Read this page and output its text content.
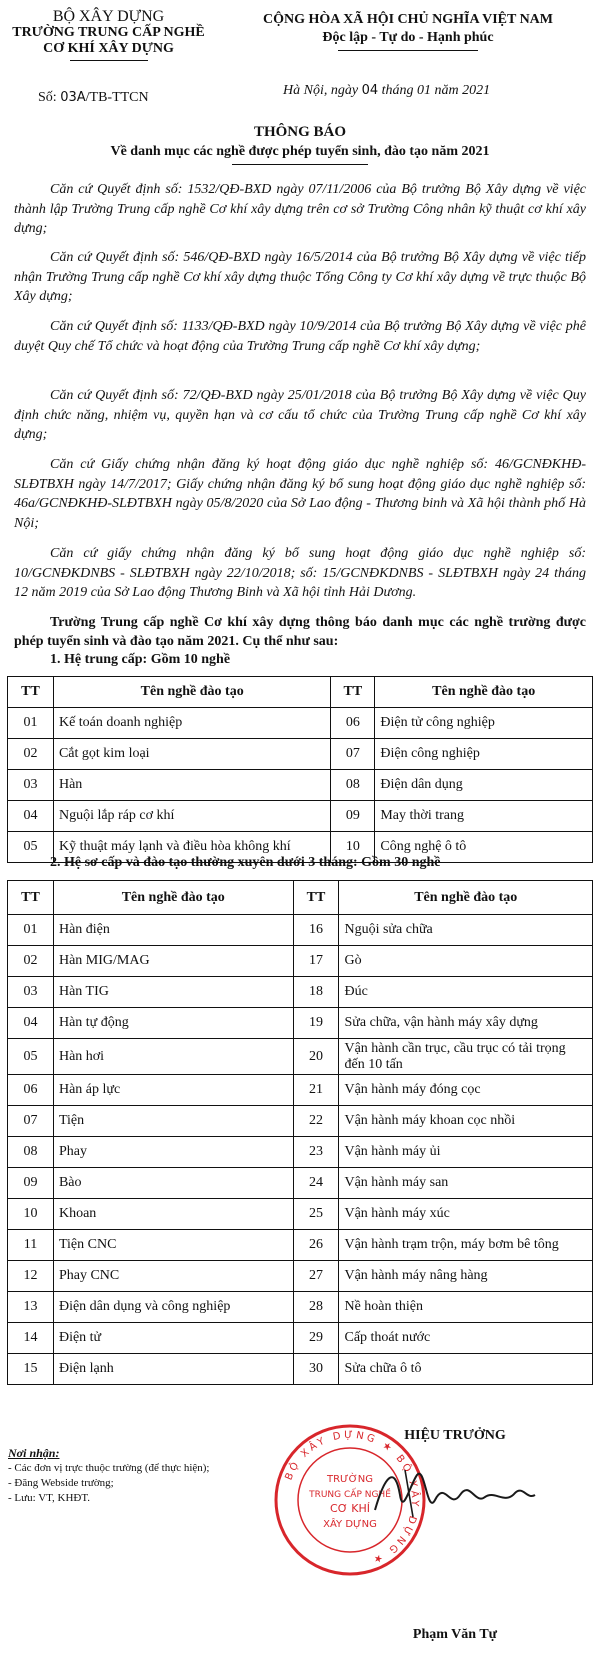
BỘ XÂY DỰNG
TRƯỜNG TRUNG CẤP NGHỀ
CƠ KHÍ XÂY DỰNG
CỘNG HÒA XÃ HỘI CHỦ NGHĨA VIỆT NAM
Độc lập - Tự do - Hạnh phúc
Số: 03A/TB-TTCN	Hà Nội, ngày 04 tháng 01 năm 2021
THÔNG BÁO
Về danh mục các nghề được phép tuyển sinh, đào tạo năm 2021
Căn cứ Quyết định số: 1532/QĐ-BXD ngày 07/11/2006 của Bộ trưởng Bộ Xây dựng về việc thành lập Trường Trung cấp nghề Cơ khí xây dựng trên cơ sở Trường Công nhân kỹ thuật cơ khí xây dựng;
Căn cứ Quyết định số: 546/QĐ-BXD ngày 16/5/2014 của Bộ trưởng Bộ Xây dựng về việc tiếp nhận Trường Trung cấp nghề Cơ khí xây dựng thuộc Tổng Công ty Cơ khí xây dựng về trực thuộc Bộ Xây dựng;
Căn cứ Quyết định số: 1133/QĐ-BXD ngày 10/9/2014 của Bộ trưởng Bộ Xây dựng về việc phê duyệt Quy chế Tổ chức và hoạt động của Trường Trung cấp nghề Cơ khí xây dựng;
Căn cứ Quyết định số: 72/QĐ-BXD ngày 25/01/2018 của Bộ trưởng Bộ Xây dựng về việc Quy định chức năng, nhiệm vụ, quyền hạn và cơ cấu tổ chức của Trường Trung cấp nghề Cơ khí xây dựng;
Căn cứ Giấy chứng nhận đăng ký hoạt động giáo dục nghề nghiệp số: 46/GCNĐKHĐ-SLĐTBXH ngày 14/7/2017; Giấy chứng nhận đăng ký bổ sung hoạt động giáo dục nghề nghiệp số: 46a/GCNĐKHĐ-SLĐTBXH ngày 05/8/2020 của Sở Lao động - Thương binh và Xã hội thành phố Hà Nội;
Căn cứ giấy chứng nhận đăng ký bổ sung hoạt động giáo dục nghề nghiệp số: 10/GCNĐKDNBS - SLĐTBXH ngày 22/10/2018; số: 15/GCNĐKDNBS - SLĐTBXH ngày 24 tháng 12 năm 2019 của Sở Lao động Thương Binh và Xã hội tỉnh Hải Dương.
Trường Trung cấp nghề Cơ khí xây dựng thông báo danh mục các nghề trường được phép tuyển sinh và đào tạo năm 2021. Cụ thể như sau:
1. Hệ trung cấp: Gồm 10 nghề
TT	Tên nghề đào tạo	TT	Tên nghề đào tạo
01	Kế toán doanh nghiệp	06	Điện tử công nghiệp
02	Cắt gọt kim loại	07	Điện công nghiệp
03	Hàn	08	Điện dân dụng
04	Nguội lắp ráp cơ khí	09	May thời trang
05	Kỹ thuật máy lạnh và điều hòa không khí	10	Công nghệ ô tô
2. Hệ sơ cấp và đào tạo thường xuyên dưới 3 tháng: Gồm 30 nghề
TT	Tên nghề đào tạo	TT	Tên nghề đào tạo
01	Hàn điện	16	Nguội sửa chữa
02	Hàn MIG/MAG	17	Gò
03	Hàn TIG	18	Đúc
04	Hàn tự động	19	Sửa chữa, vận hành máy xây dựng
05	Hàn hơi	20	Vận hành cần trục, cầu trục có tải trọng đến 10 tấn
06	Hàn áp lực	21	Vận hành máy đóng cọc
07	Tiện	22	Vận hành máy khoan cọc nhồi
08	Phay	23	Vận hành máy ủi
09	Bào	24	Vận hành máy san
10	Khoan	25	Vận hành máy xúc
11	Tiện CNC	26	Vận hành trạm trộn, máy bơm bê tông
12	Phay CNC	27	Vận hành máy nâng hàng
13	Điện dân dụng và công nghiệp	28	Nề hoàn thiện
14	Điện tử	29	Cấp thoát nước
15	Điện lạnh	30	Sửa chữa ô tô
Nơi nhận:
- Các đơn vị trực thuộc trường (để thực hiện);
- Đăng Webside trường;
- Lưu: VT, KHĐT.
BỘ XÂY DỰNG ★ BỘ XÂY DỰNG ★
TRƯỜNG
TRUNG CẤP NGHỀ
CƠ KHÍ
XÂY DỰNG
HIỆU TRƯỞNG
Phạm Văn Tự
